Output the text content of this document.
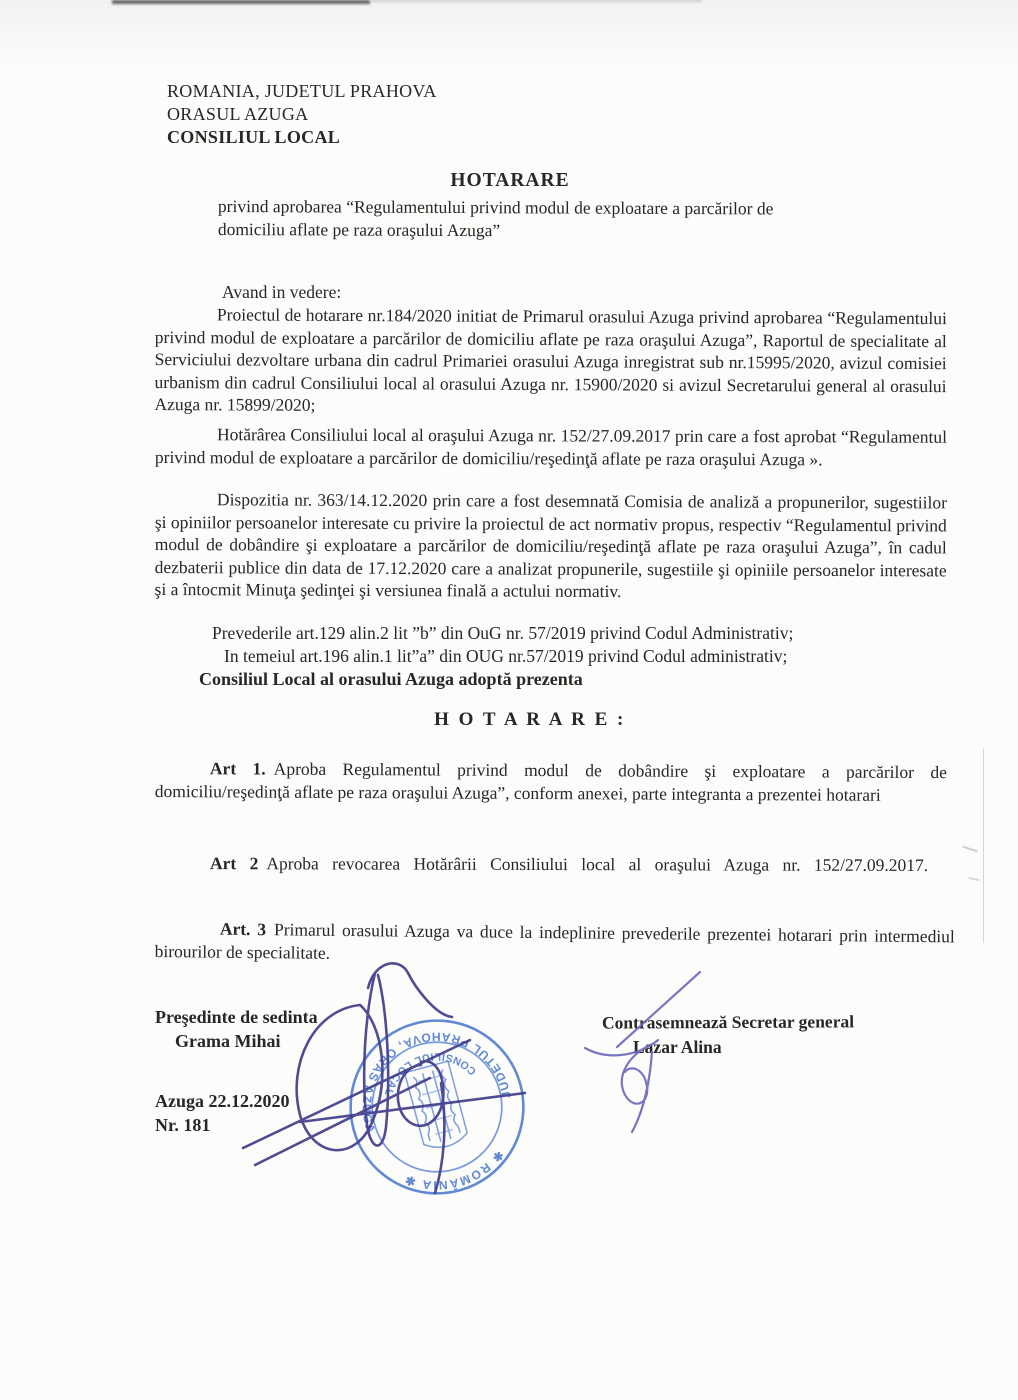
ROMANIA, JUDETUL PRAHOVA
ORASUL AZUGA
CONSILIUL LOCAL
HOTARARE
privind aprobarea “Regulamentului privind modul de exploatare a parcărilor de
domiciliu aflate pe raza oraşului Azuga”
Avand in vedere:
Proiectul de hotarare nr.184/2020 initiat de Primarul orasului Azuga privind aprobarea “Regulamentului privind modul de exploatare a parcărilor de domiciliu aflate pe raza oraşului Azuga”, Raportul de specialitate al Serviciului dezvoltare urbana din cadrul Primariei orasului Azuga inregistrat sub nr.15995/2020, avizul comisiei urbanism din cadrul Consiliului local al orasului Azuga nr. 15900/2020 si avizul Secretarului general al orasului Azuga nr. 15899/2020;
Hotărârea Consiliului local al oraşului Azuga nr. 152/27.09.2017 prin care a fost aprobat “Regulamentul privind modul de exploatare a parcărilor de domiciliu/reşedinţă aflate pe raza oraşului Azuga ».
Dispozitia nr. 363/14.12.2020 prin care a fost desemnată Comisia de analiză a propunerilor, sugestiilor şi opiniilor persoanelor interesate cu privire la proiectul de act normativ propus, respectiv “Regulamentul privind modul de dobândire şi exploatare a parcărilor de domiciliu/reşedinţă aflate pe raza oraşului Azuga”, în cadul dezbaterii publice din data de 17.12.2020 care a analizat propunerile, sugestiile şi opiniile persoanelor interesate şi a întocmit Minuţa şedinţei şi versiunea finală a actului normativ.
Prevederile art.129 alin.2 lit ”b” din OuG nr. 57/2019 privind Codul Administrativ;
In temeiul art.196 alin.1 lit”a” din OUG nr.57/2019 privind Codul administrativ;
Consiliul Local al orasului Azuga adoptă prezenta
H O T A R A R E :
Art 1. Aproba Regulamentul privind modul de dobândire şi exploatare a parcărilor de domiciliu/reşedinţă aflate pe raza oraşului Azuga”, conform anexei, parte integranta a prezentei hotarari
Art 2 Aproba revocarea Hotărârii Consiliului local al oraşului Azuga nr. 152/27.09.2017.
Art. 3 Primarul orasului Azuga va duce la indeplinire prevederile prezentei hotarari prin intermediul birourilor de specialitate.
Preşedinte de sedinta
Grama Mihai
Azuga 22.12.2020
Nr. 181
Contrasemnează Secretar general
Lazar Alina
JUDETUL PRAHOVA, ORAS AZUGA
✱ ROMÂNIA ✱
CONSILIUL LOCAL
